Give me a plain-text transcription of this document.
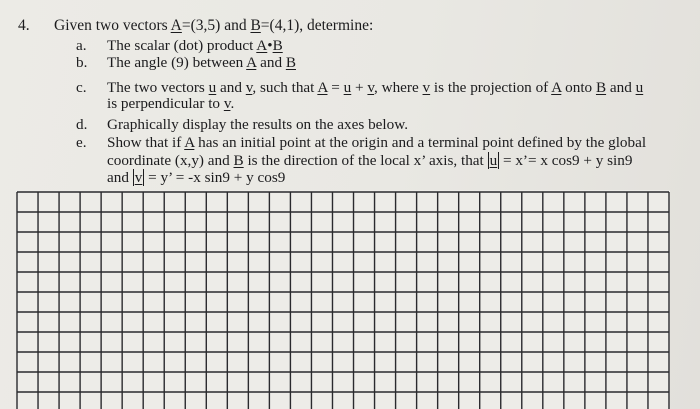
4. Given two vectors A=(3,5) and B=(4,1), determine:
a. The scalar (dot) product A•B
b. The angle (9) between A and B
c. The two vectors u and v, such that A = u + v, where v is the projection of A onto B and u
is perpendicular to v.
d. Graphically display the results on the axes below.
e. Show that if A has an initial point at the origin and a terminal point defined by the global
coordinate (x,y) and B is the direction of the local x’ axis, that u = x’= x cos9 + y sin9
and v = y’ = -x sin9 + y cos9
